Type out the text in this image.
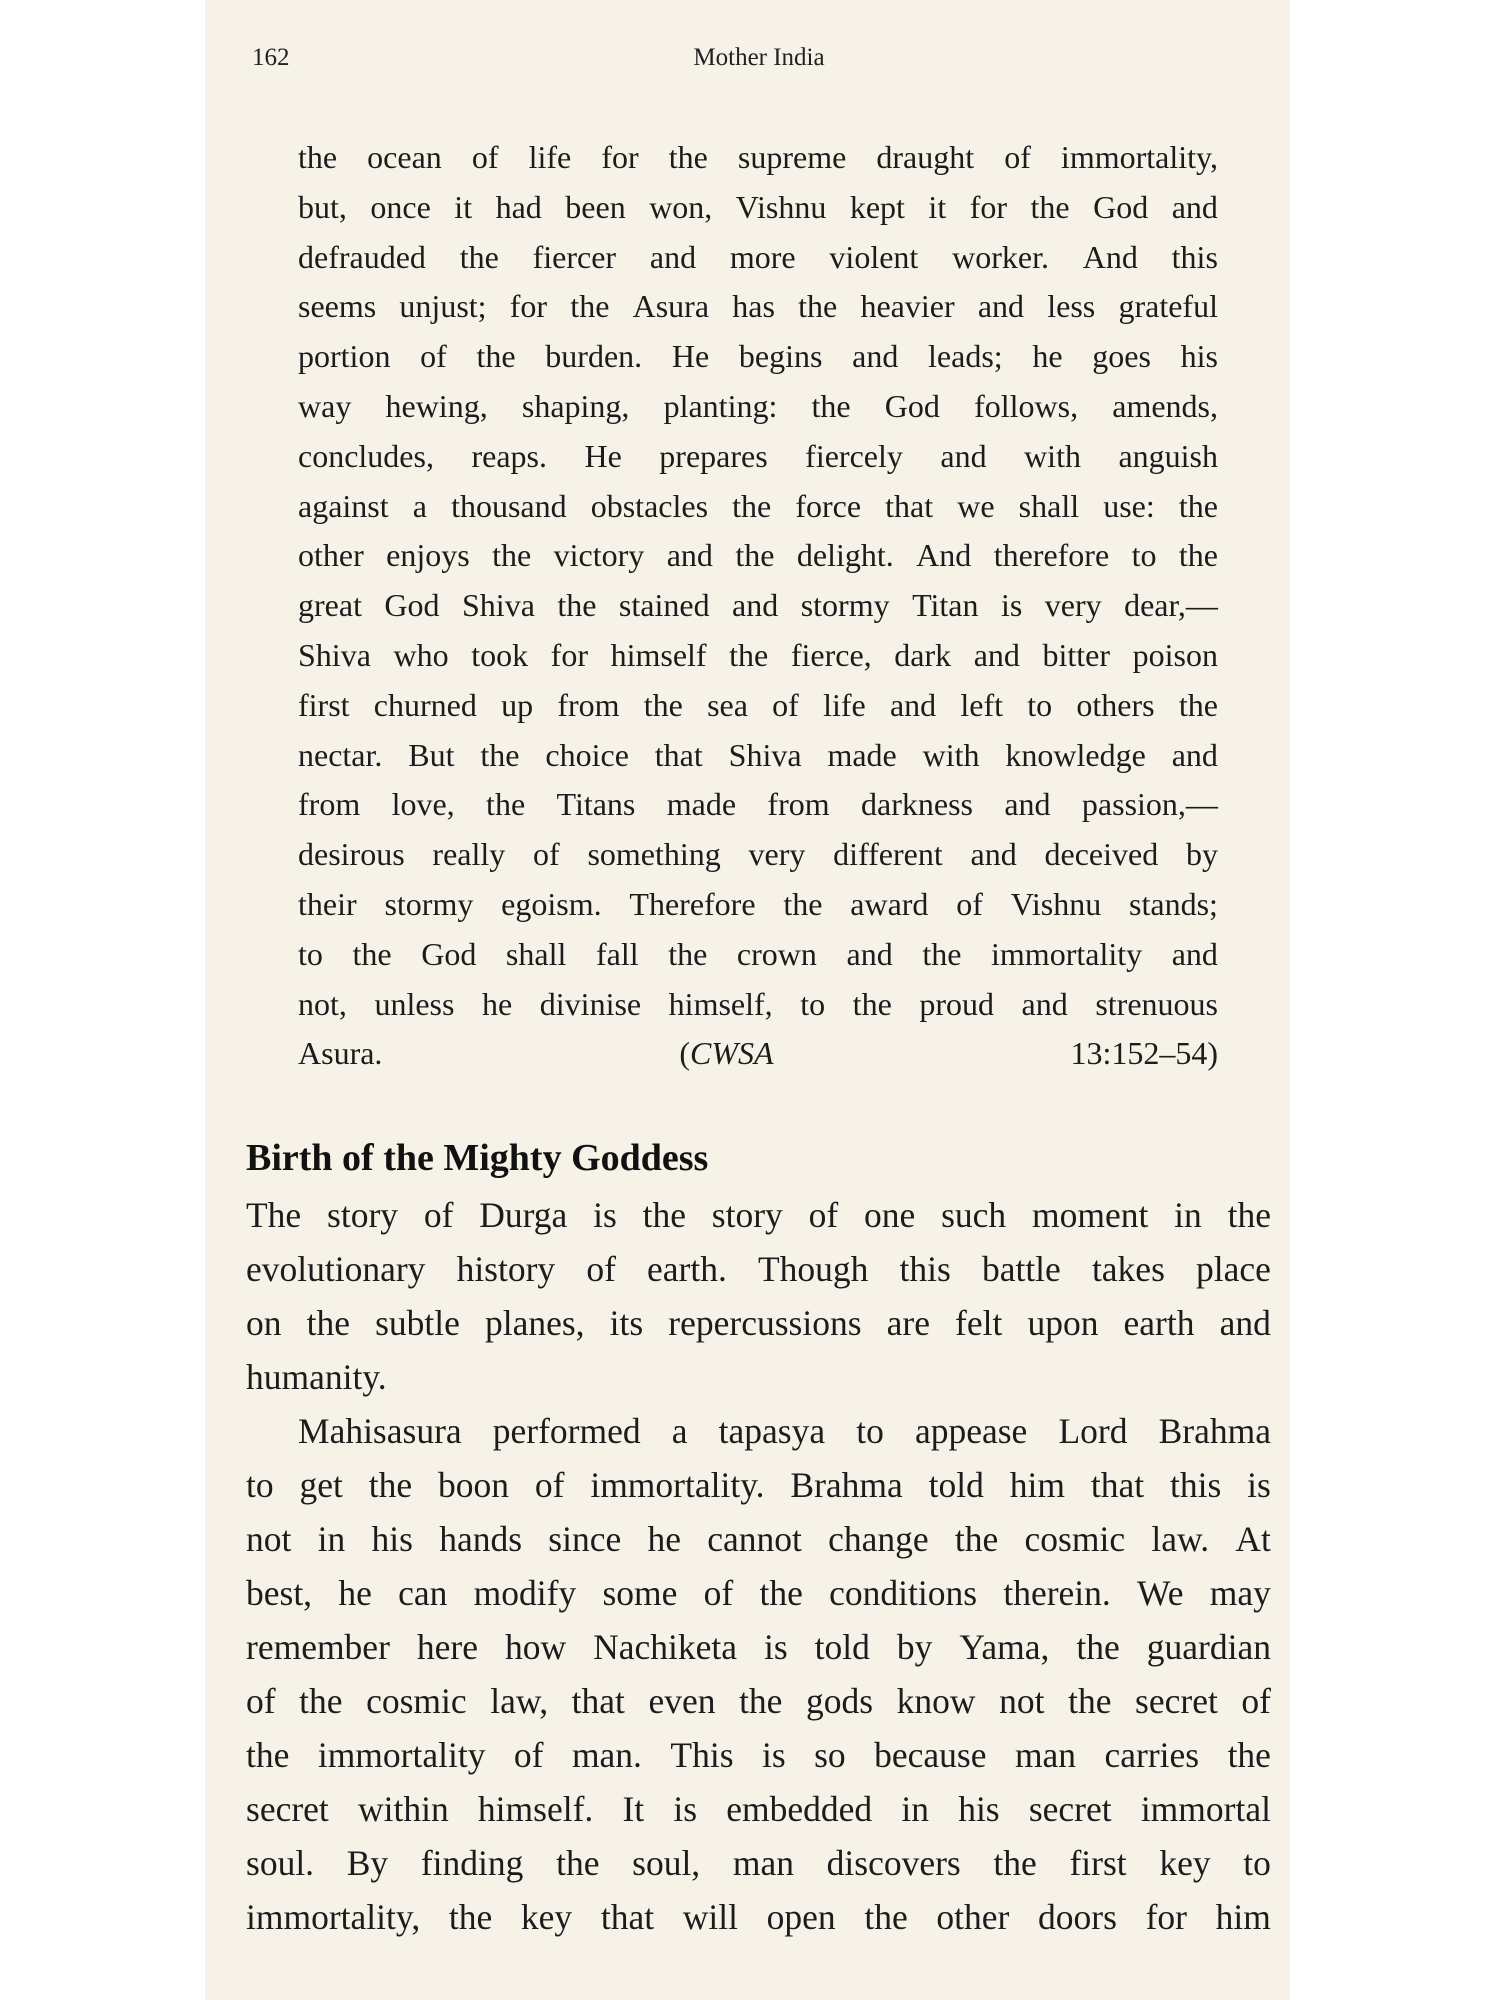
162	Mother India
the ocean of life for the supreme draught of immortality,
but, once it had been won, Vishnu kept it for the God and
defrauded the fiercer and more violent worker. And this
seems unjust; for the Asura has the heavier and less grateful
portion of the burden. He begins and leads; he goes his
way hewing, shaping, planting: the God follows, amends,
concludes, reaps. He prepares fiercely and with anguish
against a thousand obstacles the force that we shall use: the
other enjoys the victory and the delight. And therefore to the
great God Shiva the stained and stormy Titan is very dear,—
Shiva who took for himself the fierce, dark and bitter poison
first churned up from the sea of life and left to others the
nectar. But the choice that Shiva made with knowledge and
from love, the Titans made from darkness and passion,—
desirous really of something very different and deceived by
their stormy egoism. Therefore the award of Vishnu stands;
to the God shall fall the crown and the immortality and
not, unless he divinise himself, to the proud and strenuous
Asura. (CWSA 13:152–54)
Birth of the Mighty Goddess
The story of Durga is the story of one such moment in the
evolutionary history of earth. Though this battle takes place
on the subtle planes, its repercussions are felt upon earth and
humanity.
Mahisasura performed a tapasya to appease Lord Brahma
to get the boon of immortality. Brahma told him that this is
not in his hands since he cannot change the cosmic law. At
best, he can modify some of the conditions therein. We may
remember here how Nachiketa is told by Yama, the guardian
of the cosmic law, that even the gods know not the secret of
the immortality of man. This is so because man carries the
secret within himself. It is embedded in his secret immortal
soul. By finding the soul, man discovers the first key to
immortality, the key that will open the other doors for him
